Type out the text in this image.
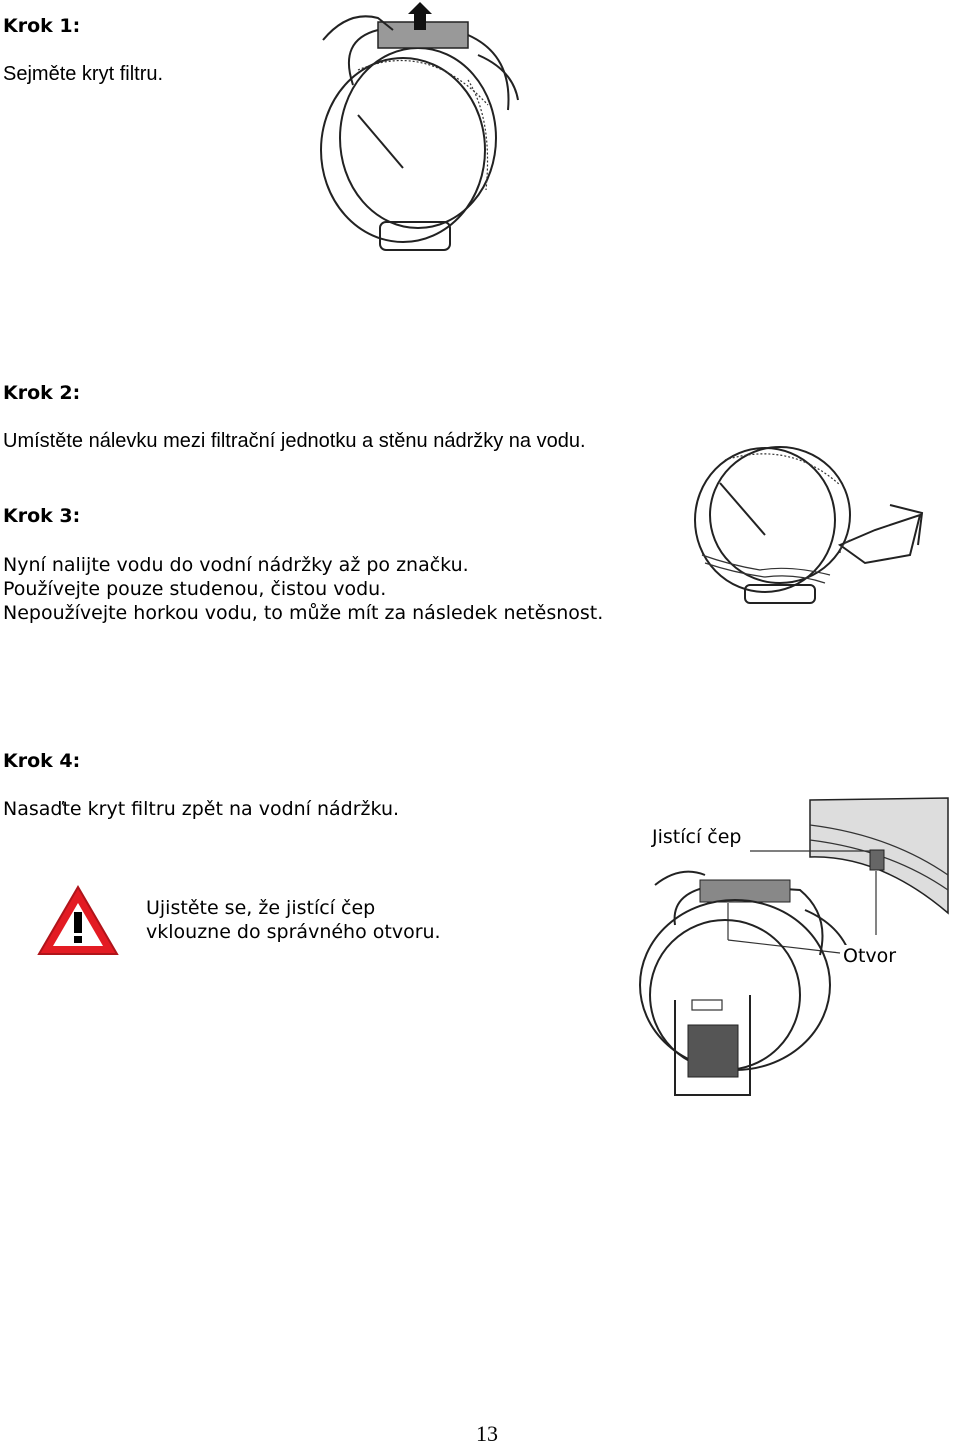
Krok 1:
Sejměte kryt filtru.
Krok 2:
Umístěte nálevku mezi filtrační jednotku a stěnu nádržky na vodu.
Krok 3:
Nyní nalijte vodu do vodní nádržky až po značku.
Používejte pouze studenou, čistou vodu.
Nepoužívejte horkou vodu, to může mít za následek netěsnost.
Krok 4:
Nasaďte kryt filtru zpět na vodní nádržku.
Ujistěte se, že jistící čep
vklouzne do správného otvoru.
Jistící čep
Otvor
13
